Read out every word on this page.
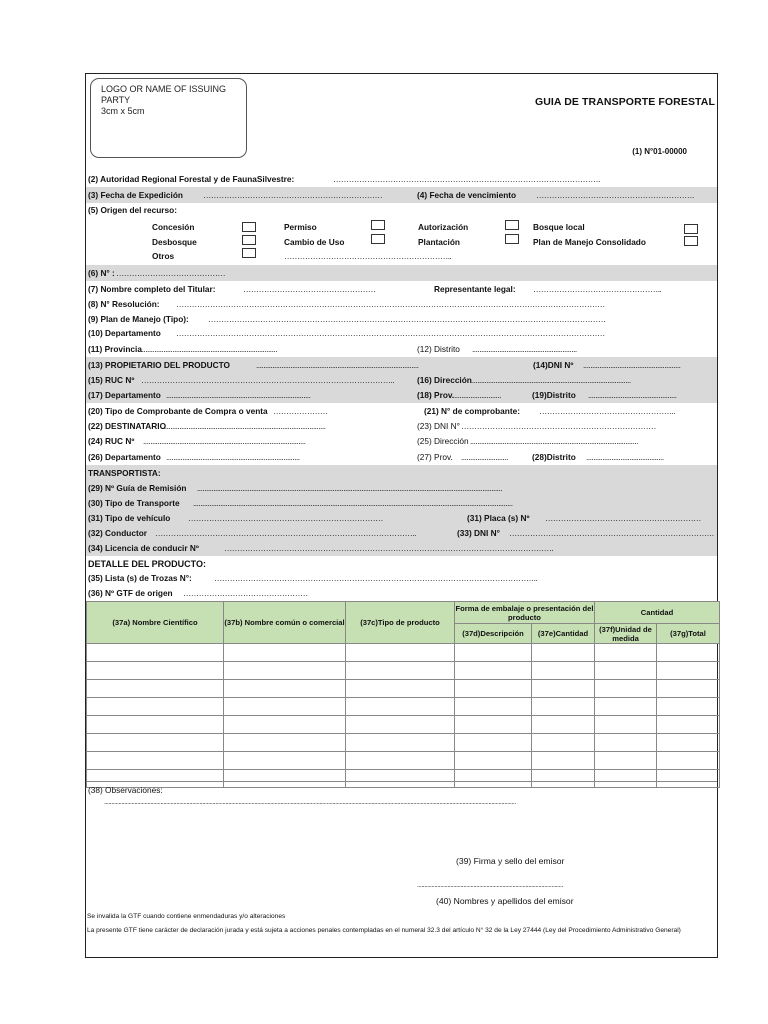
LOGO OR NAME OF ISSUING
PARTY
3cm x 5cm
GUIA DE TRANSPORTE FORESTAL
(1) N°01-00000
(2) Autoridad Regional Forestal y de FaunaSilvestre:	………………………………………………………………………………………….
(3) Fecha de Expedición ……………………………………………………………	(4) Fecha de vencimiento …………………………………………………….
(5) Origen del recurso:
Concesión	Permiso	Autorización	Bosque local
Desbosque	Cambio de Uso	Plantación	Plan de Manejo Consolidado
Otros	………………………………………………………..
(6) N° : ……………………………………
(7) Nombre completo del Titular:	……………………………………………	Representante legal: …………………………………………..
(8) N° Resolución: …………………………………………………………………………………………………………………………………………………
(9) Plan de Manejo (Tipo): ………………………………………………………………………………………………………………………………………
(10) Departamento …………………………………………………………………………………………………………………………………………………
(11) Provincia
.............................................................................	(12) Distrito ..........................................................
(13) PROPIETARIO DEL PRODUCTO	..........................................................................................	(14)DNI Nº ......................................................
(15) RUC Nº ……………………………………………………………………………………..	(16) Dirección
.........................................................................................
(17) Departamento ................................................................................	(18) Prov. ..........................	(19)Distrito .................................................
(20) Tipo de Comprobante de Compra o venta …………………	(21) N° de comprobante: ……………………………………………..
(22) DESTINATARIO
..........................................................................................	(23) DNI N° …………………………………………………………………
(24) RUC Nº ..........................................................................................	(25) Dirección .............................................................................................
(26) Departamento ..........................................................................	(27) Prov. ..........................	(28)Distrito ...........................................
TRANSPORTISTA:
(29) Nº Guía de Remisión .........................................................................................................................................................................
(30) Tipo de Transporte .................................................................................................................................................................................
(31) Tipo de vehículo …………………………………………………………………	(31) Placa (s) Nº ……………………………………………………
(32) Conductor ………………………………………………………………………………………..	(33) DNI N° …………………………………………………………………….
(34) Licencia de conducir Nº	……………………………………………………………………………………………………………….
DETALLE DEL PRODUCTO:
(35) Lista (s) de Trozas N°:	……………………………………………………………………………………………………………..
(36) Nº GTF de origen …………………………………………
(37a) Nombre Científico	(37b) Nombre común o comercial	(37c)Tipo de producto	Forma de embalaje o presentación del producto		Cantidad	
			(37d)Descripción	(37e)Cantidad	(37f)Unidad de medida	(37g)Total

(38) Observaciones:
.............................................................................................................................................................................................................................................................................................
(39) Firma y sello del emisor
.....................................................................................................
(40) Nombres y apellidos del emisor
Se invalida la GTF cuando contiene enmendaduras y/o alteraciones
La presente GTF tiene carácter de declaración jurada y está sujeta a acciones penales contempladas en el numeral 32.3 del artículo N° 32 de la Ley 27444 (Ley del Procedimiento Administrativo General)
